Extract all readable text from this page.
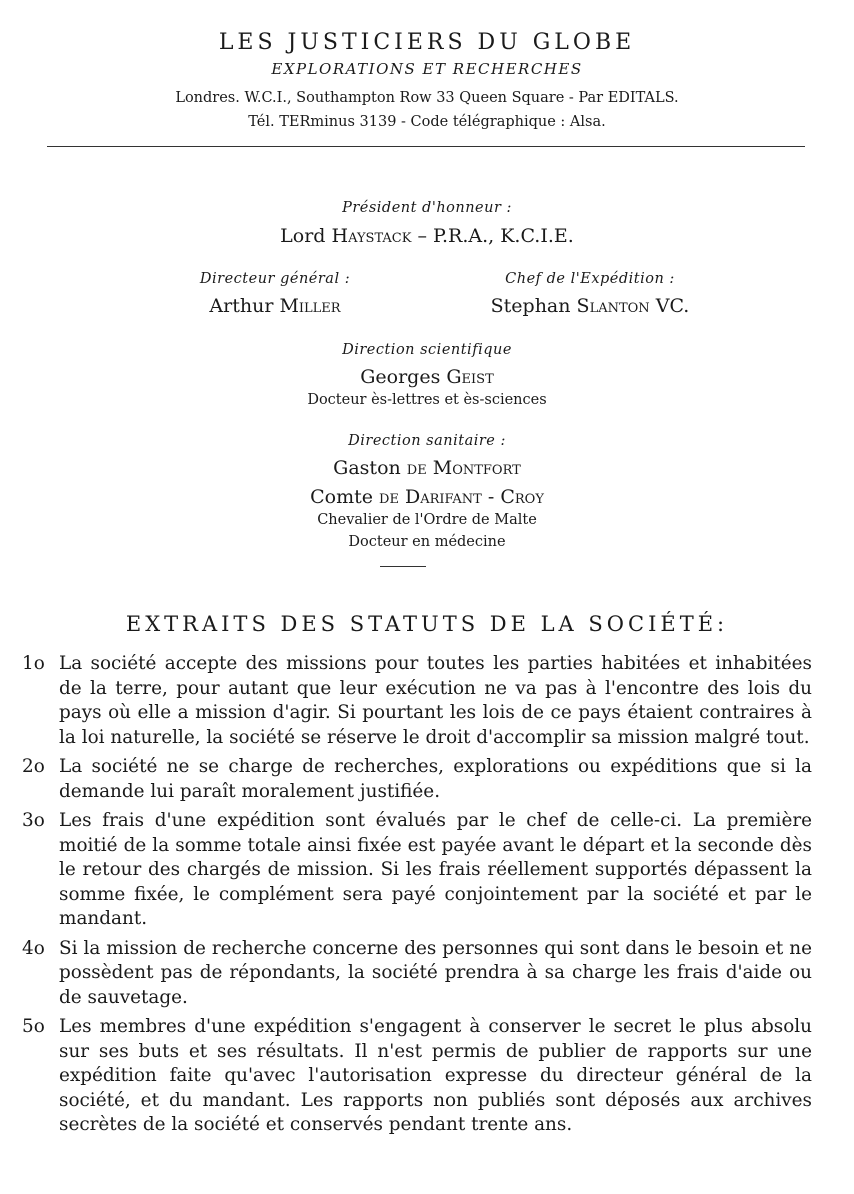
LES JUSTICIERS DU GLOBE
EXPLORATIONS ET RECHERCHES
Londres. W.C.I., Southampton Row 33 Queen Square - Par EDITALS.
Tél. TERminus 3139 - Code télégraphique : Alsa.
Président d'honneur :
Lord Haystack – P.R.A., K.C.I.E.
Directeur général :
Arthur Miller
Chef de l'Expédition :
Stephan Slanton VC.
Direction scientifique
Georges Geist
Docteur ès-lettres et ès-sciences
Direction sanitaire :
Gaston de Montfort
Comte de Darifant - Croy
Chevalier de l'Ordre de Malte
Docteur en médecine
EXTRAITS DES STATUTS DE LA SOCIÉTÉ:
1o La société accepte des missions pour toutes les parties habitées et inhabitées de la terre, pour autant que leur exécution ne va pas à l'encontre des lois du pays où elle a mission d'agir. Si pourtant les lois de ce pays étaient contraires à la loi naturelle, la société se réserve le droit d'accomplir sa mission malgré tout.
2o La société ne se charge de recherches, explorations ou expéditions que si la demande lui paraît moralement justifiée.
3o Les frais d'une expédition sont évalués par le chef de celle-ci. La première moitié de la somme totale ainsi fixée est payée avant le départ et la seconde dès le retour des chargés de mission. Si les frais réellement supportés dépassent la somme fixée, le complément sera payé conjointement par la société et par le mandant.
4o Si la mission de recherche concerne des personnes qui sont dans le besoin et ne possèdent pas de répondants, la société prendra à sa charge les frais d'aide ou de sauvetage.
5o Les membres d'une expédition s'engagent à conserver le secret le plus absolu sur ses buts et ses résultats. Il n'est permis de publier de rapports sur une expédition faite qu'avec l'autorisation expresse du directeur général de la société, et du mandant. Les rapports non publiés sont déposés aux archives secrètes de la société et conservés pendant trente ans.
